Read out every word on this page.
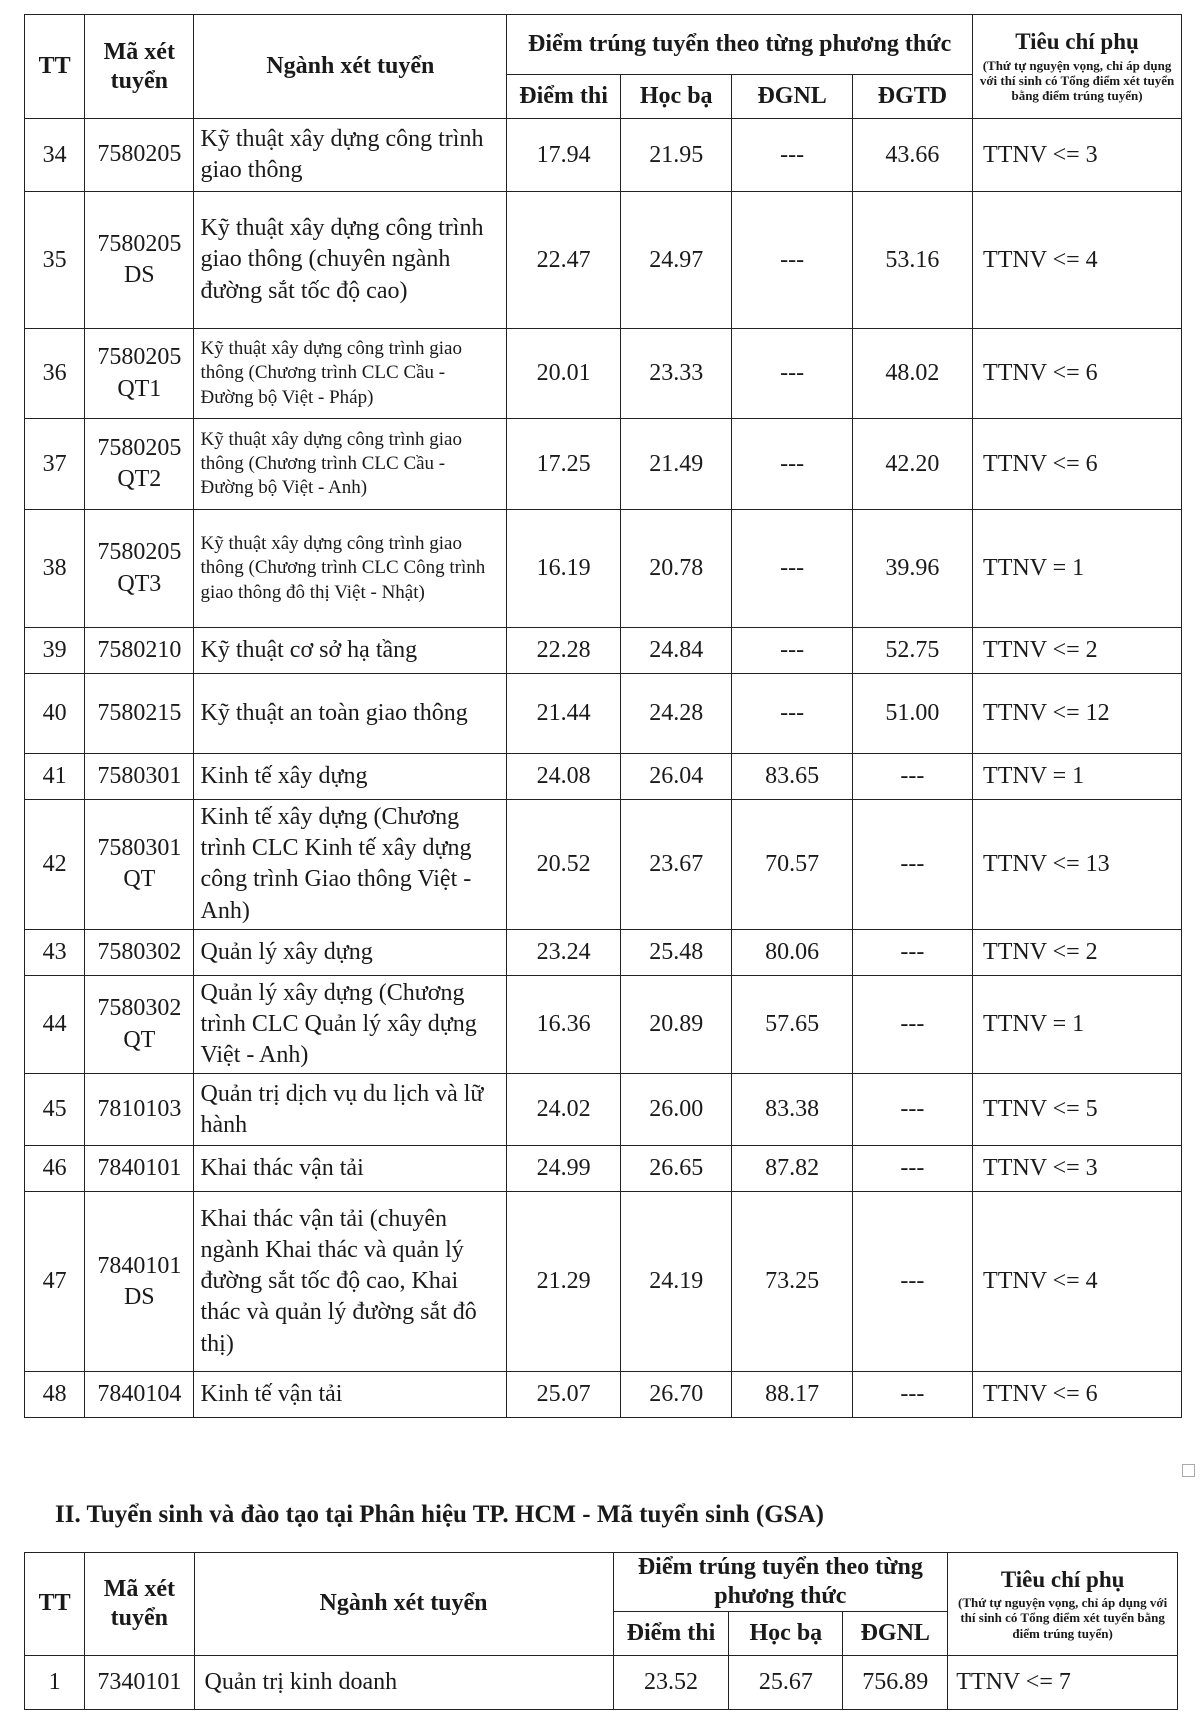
TT	Mã xét tuyển	Ngành xét tuyển	Điểm trúng tuyển theo từng phương thức				Tiêu chí phụ
(Thứ tự nguyện vọng, chỉ áp dụng với thí sinh có Tổng điểm xét tuyển bằng điểm trúng tuyển)

			Điểm thi	Học bạ	ĐGNL	ĐGTD	
34	7580205	Kỹ thuật xây dựng công trình giao thông	17.94	21.95	---	43.66	TTNV <= 3
35	7580205 DS	Kỹ thuật xây dựng công trình giao thông (chuyên ngành đường sắt tốc độ cao)	22.47	24.97	---	53.16	TTNV <= 4
36	7580205 QT1	Kỹ thuật xây dựng công trình giao thông (Chương trình CLC Cầu - Đường bộ Việt - Pháp)	20.01	23.33	---	48.02	TTNV <= 6
37	7580205 QT2	Kỹ thuật xây dựng công trình giao thông (Chương trình CLC Cầu - Đường bộ Việt - Anh)	17.25	21.49	---	42.20	TTNV <= 6
38	7580205 QT3	Kỹ thuật xây dựng công trình giao thông (Chương trình CLC Công trình giao thông đô thị Việt - Nhật)	16.19	20.78	---	39.96	TTNV = 1
39	7580210	Kỹ thuật cơ sở hạ tầng	22.28	24.84	---	52.75	TTNV <= 2
40	7580215	Kỹ thuật an toàn giao thông	21.44	24.28	---	51.00	TTNV <= 12
41	7580301	Kinh tế xây dựng	24.08	26.04	83.65	---	TTNV = 1
42	7580301 QT	Kinh tế xây dựng (Chương trình CLC Kinh tế xây dựng công trình Giao thông Việt - Anh)	20.52	23.67	70.57	---	TTNV <= 13
43	7580302	Quản lý xây dựng	23.24	25.48	80.06	---	TTNV <= 2
44	7580302 QT	Quản lý xây dựng (Chương trình CLC Quản lý xây dựng Việt - Anh)	16.36	20.89	57.65	---	TTNV = 1
45	7810103	Quản trị dịch vụ du lịch và lữ hành	24.02	26.00	83.38	---	TTNV <= 5
46	7840101	Khai thác vận tải	24.99	26.65	87.82	---	TTNV <= 3
47	7840101 DS	Khai thác vận tải (chuyên ngành Khai thác và quản lý đường sắt tốc độ cao, Khai thác và quản lý đường sắt đô thị)	21.29	24.19	73.25	---	TTNV <= 4
48	7840104	Kinh tế vận tải	25.07	26.70	88.17	---	TTNV <= 6
II. Tuyển sinh và đào tạo tại Phân hiệu TP. HCM - Mã tuyển sinh (GSA)
TT	Mã xét tuyển	Ngành xét tuyển	Điểm trúng tuyển theo từng phương thức			Tiêu chí phụ
(Thứ tự nguyện vọng, chỉ áp dụng với thí sinh có Tổng điểm xét tuyển bằng điểm trúng tuyển)

			Điểm thi	Học bạ	ĐGNL	
1	7340101	Quản trị kinh doanh	23.52	25.67	756.89	TTNV <= 7
